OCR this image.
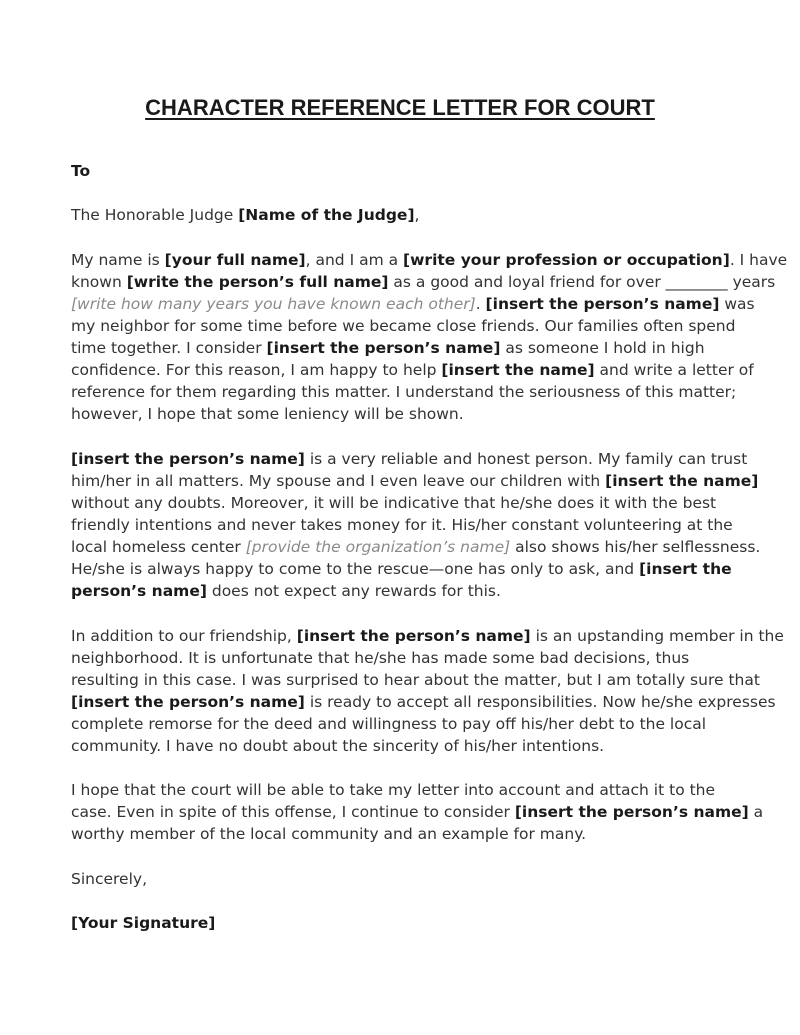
CHARACTER REFERENCE LETTER FOR COURT
To
The Honorable Judge [Name of the Judge],
My name is [your full name], and I am a [write your profession or occupation]. I have
known [write the person’s full name] as a good and loyal friend for over ________ years
[write how many years you have known each other]. [insert the person’s name] was
my neighbor for some time before we became close friends. Our families often spend
time together. I consider [insert the person’s name] as someone I hold in high
confidence. For this reason, I am happy to help [insert the name] and write a letter of
reference for them regarding this matter. I understand the seriousness of this matter;
however, I hope that some leniency will be shown.
[insert the person’s name] is a very reliable and honest person. My family can trust
him/her in all matters. My spouse and I even leave our children with [insert the name]
without any doubts. Moreover, it will be indicative that he/she does it with the best
friendly intentions and never takes money for it. His/her constant volunteering at the
local homeless center [provide the organization’s name] also shows his/her selflessness.
He/she is always happy to come to the rescue—one has only to ask, and [insert the
person’s name] does not expect any rewards for this.
In addition to our friendship, [insert the person’s name] is an upstanding member in the
neighborhood. It is unfortunate that he/she has made some bad decisions, thus
resulting in this case. I was surprised to hear about the matter, but I am totally sure that
[insert the person’s name] is ready to accept all responsibilities. Now he/she expresses
complete remorse for the deed and willingness to pay off his/her debt to the local
community. I have no doubt about the sincerity of his/her intentions.
I hope that the court will be able to take my letter into account and attach it to the
case. Even in spite of this offense, I continue to consider [insert the person’s name] a
worthy member of the local community and an example for many.
Sincerely,
[Your Signature]
